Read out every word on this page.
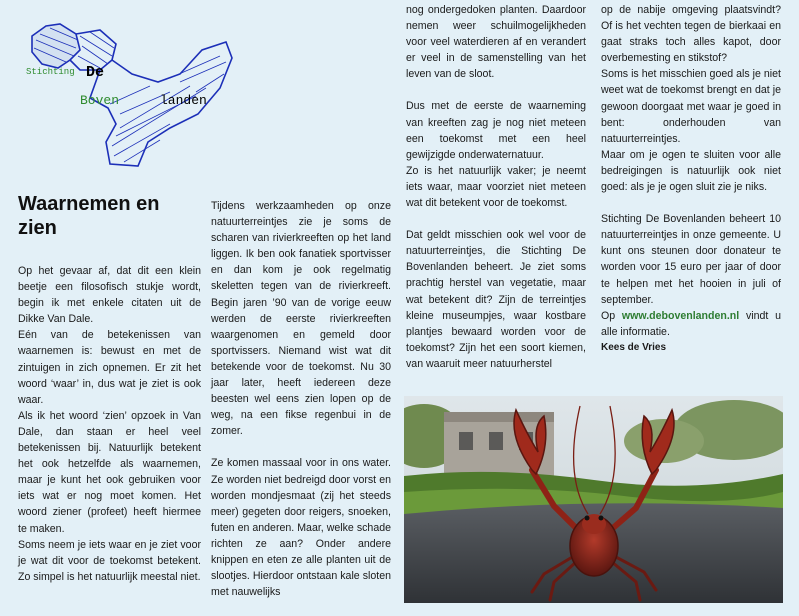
Stichting De
Boven	landen
Waarnemen en zien

Op het gevaar af, dat dit een klein beetje een filosofisch stukje wordt, begin ik met enkele citaten uit de Dikke Van Dale.

Eén van de betekenissen van waarnemen is: bewust en met de zintuigen in zich opnemen. Er zit het woord ‘waar’ in, dus wat je ziet is ook waar.

Als ik het woord ‘zien’ opzoek in Van Dale, dan staan er heel veel betekenissen bij. Natuurlijk betekent het ook hetzelfde als waarnemen, maar je kunt het ook gebruiken voor iets wat er nog moet komen. Het woord ziener (profeet) heeft hiermee te maken.

Soms neem je iets waar en je ziet voor je wat dit voor de toekomst betekent. Zo simpel is het natuurlijk meestal niet.

Tijdens werkzaamheden op onze natuurterreintjes zie je soms de scharen van rivierkreeften op het land liggen. Ik ben ook fanatiek sportvisser en dan kom je ook regelmatig skeletten tegen van de rivierkreeft. Begin jaren ’90 van de vorige eeuw werden de eerste rivierkreeften waargenomen en gemeld door sportvissers. Niemand wist wat dit betekende voor de toekomst. Nu 30 jaar later, heeft iedereen deze beesten wel eens zien lopen op de weg, na een fikse regenbui in de zomer.

Ze komen massaal voor in ons water. Ze worden niet bedreigd door vorst en worden mondjesmaat (zij het steeds meer) gegeten door reigers, snoeken, futen en anderen. Maar, welke schade richten ze aan? Onder andere knippen en eten ze alle planten uit de slootjes. Hierdoor ontstaan kale sloten met nauwelijks

nog ondergedoken planten. Daardoor nemen weer schuilmogelijkheden voor veel waterdieren af en verandert er veel in de samenstelling van het leven van de sloot.

Dus met de eerste de waarneming van kreeften zag je nog niet meteen een toekomst met een heel gewijzigde onderwaternatuur.

Zo is het natuurlijk vaker; je neemt iets waar, maar voorziet niet meteen wat dit betekent voor de toekomst.

Dat geldt misschien ook wel voor de natuurterreintjes, die Stichting De Bovenlanden beheert. Je ziet soms prachtig herstel van vegetatie, maar wat betekent dit? Zijn de terreintjes kleine museumpjes, waar kostbare plantjes bewaard worden voor de toekomst? Zijn het een soort kiemen, van waaruit meer natuurherstel

op de nabije omgeving plaatsvindt? Of is het vechten tegen de bierkaai en gaat straks toch alles kapot, door overbemesting en stikstof?

Soms is het misschien goed als je niet weet wat de toekomst brengt en dat je gewoon doorgaat met waar je goed in bent: onderhouden van natuurterreintjes.

Maar om je ogen te sluiten voor alle bedreigingen is natuurlijk ook niet goed: als je je ogen sluit zie je niks.

Stichting De Bovenlanden beheert 10 natuurterreintjes in onze gemeente. U kunt ons steunen door donateur te worden voor 15 euro per jaar of door te helpen met het hooien in juli of september.

Op www.debovenlanden.nl vindt u alle informatie.

Kees de Vries
